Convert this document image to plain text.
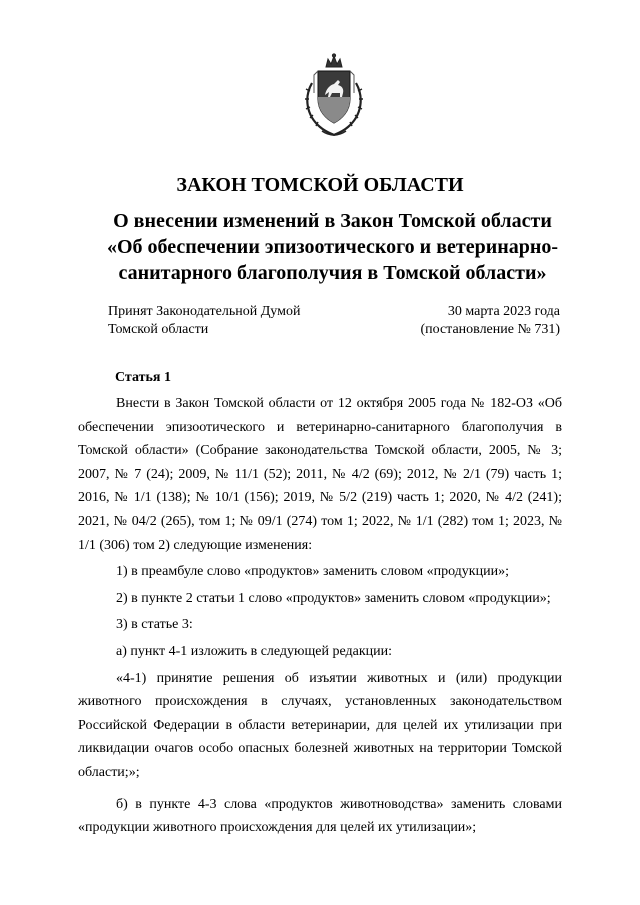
ЗАКОН ТОМСКОЙ ОБЛАСТИ
О внесении изменений в Закон Томской области
«Об обеспечении эпизоотического и ветеринарно-
санитарного благополучия в Томской области»
Принят Законодательной Думой
Томской области
30 марта 2023 года
(постановление № 731)
Статья 1

Внести в Закон Томской области от 12 октября 2005 года № 182-ОЗ «Об обеспечении эпизоотического и ветеринарно-санитарного благополучия в Томской области» (Собрание законодательства Томской области, 2005, № 3; 2007, № 7 (24); 2009, № 11/1 (52); 2011, № 4/2 (69); 2012, № 2/1 (79) часть 1; 2016, № 1/1 (138); № 10/1 (156); 2019, № 5/2 (219) часть 1; 2020, № 4/2 (241); 2021, № 04/2 (265), том 1; № 09/1 (274) том 1; 2022, № 1/1 (282) том 1; 2023, № 1/1 (306) том 2) следующие изменения:

1) в преамбуле слово «продуктов» заменить словом «продукции»;

2) в пункте 2 статьи 1 слово «продуктов» заменить словом «продукции»;

3) в статье 3:

а) пункт 4-1 изложить в следующей редакции:

«4-1) принятие решения об изъятии животных и (или) продукции животного происхождения в случаях, установленных законодательством Российской Федерации в области ветеринарии, для целей их утилизации при ликвидации очагов особо опасных болезней животных на территории Томской области;»;

б) в пункте 4-3 слова «продуктов животноводства» заменить словами «продукции животного происхождения для целей их утилизации»;
